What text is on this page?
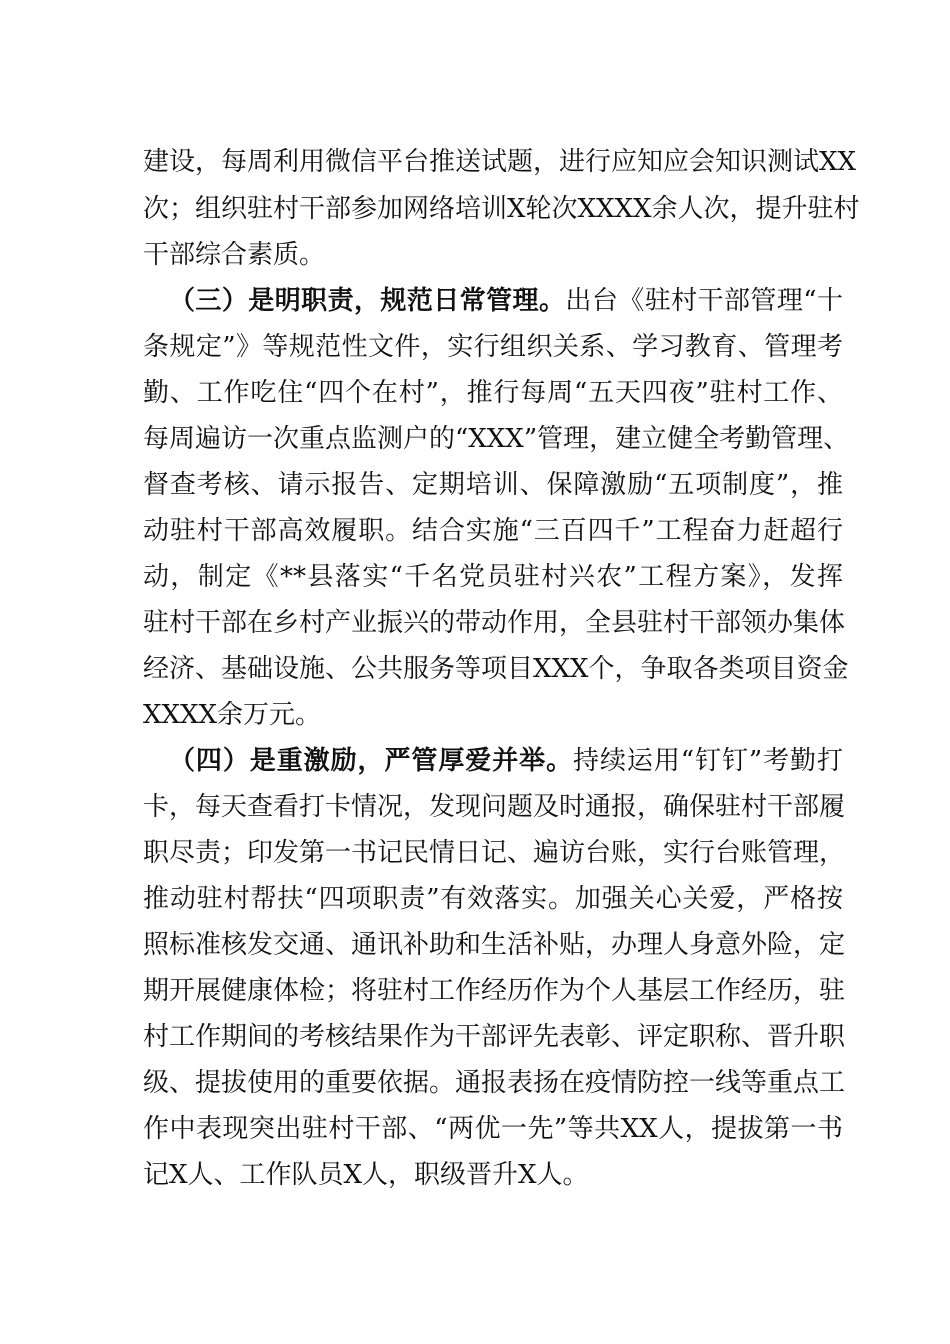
建设，每周利用微信平台推送试题，进行应知应会知识测试XX
次；组织驻村干部参加网络培训X轮次XXXX余人次，提升驻村
干部综合素质。
（三）是明职责，规范日常管理。出台《驻村干部管理“十
条规定”》等规范性文件，实行组织关系、学习教育、管理考
勤、工作吃住“四个在村”，推行每周“五天四夜”驻村工作、
每周遍访一次重点监测户的“XXX”管理，建立健全考勤管理、
督查考核、请示报告、定期培训、保障激励“五项制度”，推
动驻村干部高效履职。结合实施“三百四千”工程奋力赶超行
动，制定《**县落实“千名党员驻村兴农”工程方案》，发挥
驻村干部在乡村产业振兴的带动作用，全县驻村干部领办集体
经济、基础设施、公共服务等项目XXX个，争取各类项目资金
XXXX余万元。
（四）是重激励，严管厚爱并举。持续运用“钉钉”考勤打
卡，每天查看打卡情况，发现问题及时通报，确保驻村干部履
职尽责；印发第一书记民情日记、遍访台账，实行台账管理，
推动驻村帮扶“四项职责”有效落实。加强关心关爱，严格按
照标准核发交通、通讯补助和生活补贴，办理人身意外险，定
期开展健康体检；将驻村工作经历作为个人基层工作经历，驻
村工作期间的考核结果作为干部评先表彰、评定职称、晋升职
级、提拔使用的重要依据。通报表扬在疫情防控一线等重点工
作中表现突出驻村干部、“两优一先”等共XX人，提拔第一书
记X人、工作队员X人，职级晋升X人。
